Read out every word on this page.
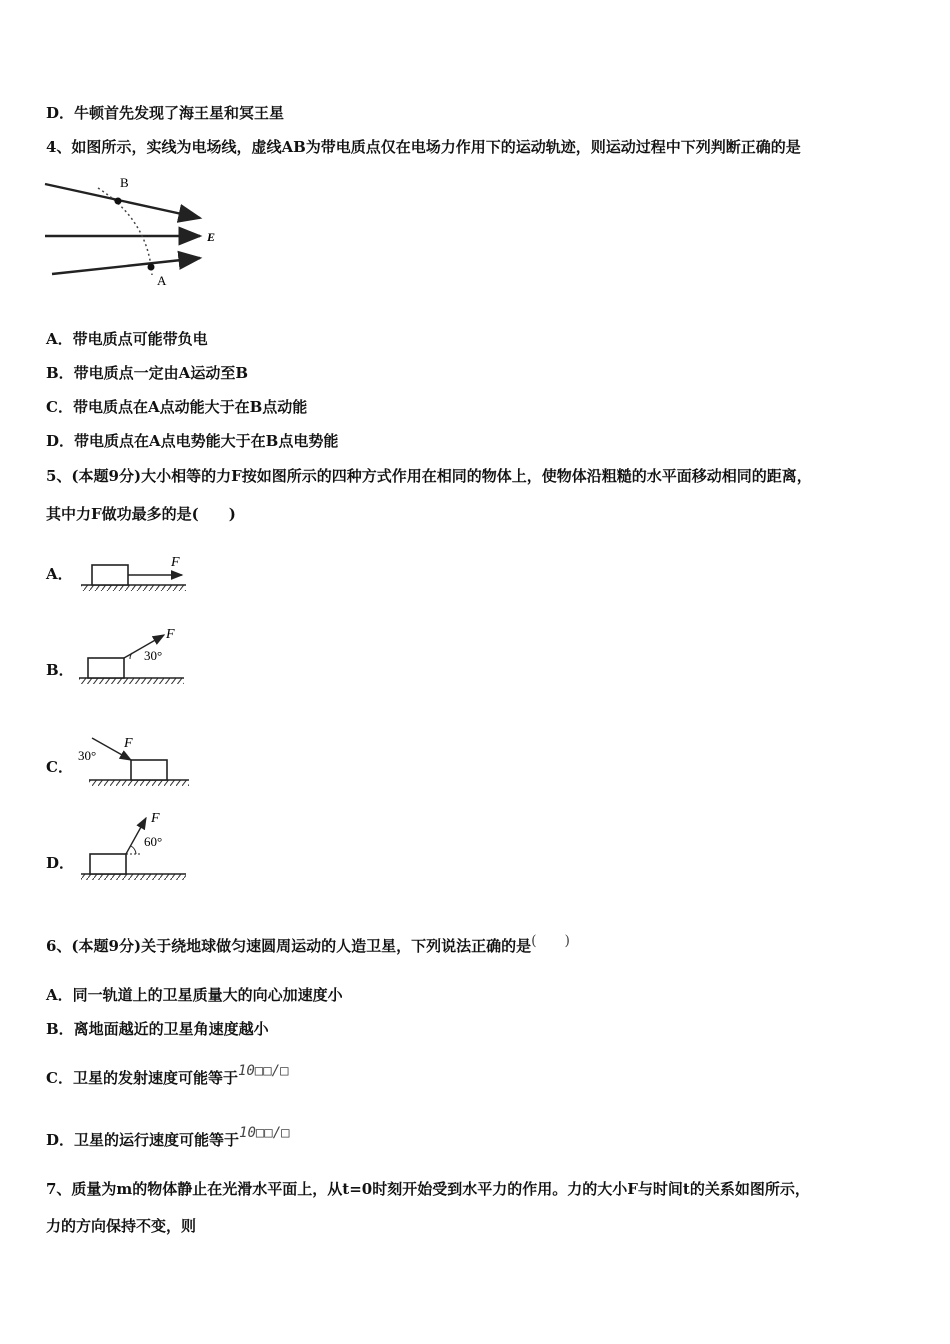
D．牛顿首先发现了海王星和冥王星
4、如图所示，实线为电场线，虚线AB为带电质点仅在电场力作用下的运动轨迹，则运动过程中下列判断正确的是
B
A
E
A．带电质点可能带负电
B．带电质点一定由A运动至B
C．带电质点在A点动能大于在B点动能
D．带电质点在A点电势能大于在B点电势能
5、(本题9分)大小相等的力F按如图所示的四种方式作用在相同的物体上，使物体沿粗糙的水平面移动相同的距离，
其中力F做功最多的是(　　)
A．
F
B．
F
30°
C．
F
30°
D．
F
60°
6、(本题9分)关于绕地球做匀速圆周运动的人造卫星，下列说法正确的是(　　)
A．同一轨道上的卫星质量大的向心加速度小
B．离地面越近的卫星角速度越小
C．卫星的发射速度可能等于10□□/□
D．卫星的运行速度可能等于10□□/□
7、质量为m的物体静止在光滑水平面上，从t=0时刻开始受到水平力的作用。力的大小F与时间t的关系如图所示，
力的方向保持不变，则
